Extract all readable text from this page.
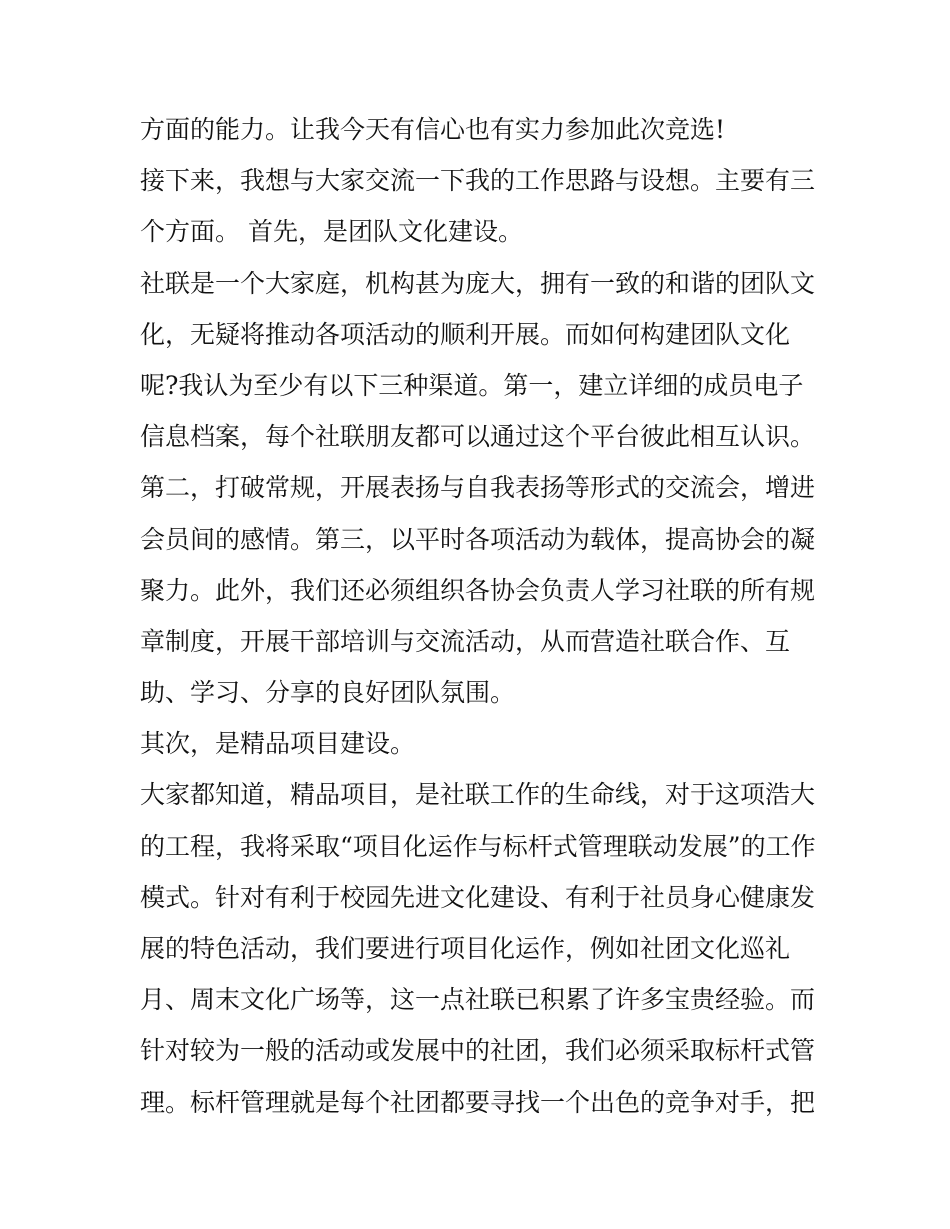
方面的能力。让我今天有信心也有实力参加此次竞选!
接下来，我想与大家交流一下我的工作思路与设想。主要有三
个方面。 首先，是团队文化建设。
社联是一个大家庭，机构甚为庞大，拥有一致的和谐的团队文
化，无疑将推动各项活动的顺利开展。而如何构建团队文化
呢?我认为至少有以下三种渠道。第一，建立详细的成员电子
信息档案，每个社联朋友都可以通过这个平台彼此相互认识。
第二，打破常规，开展表扬与自我表扬等形式的交流会，增进
会员间的感情。第三，以平时各项活动为载体，提高协会的凝
聚力。此外，我们还必须组织各协会负责人学习社联的所有规
章制度，开展干部培训与交流活动，从而营造社联合作、互
助、学习、分享的良好团队氛围。
其次，是精品项目建设。
大家都知道，精品项目，是社联工作的生命线，对于这项浩大
的工程，我将采取“项目化运作与标杆式管理联动发展”的工作
模式。针对有利于校园先进文化建设、有利于社员身心健康发
展的特色活动，我们要进行项目化运作，例如社团文化巡礼
月、周末文化广场等，这一点社联已积累了许多宝贵经验。而
针对较为一般的活动或发展中的社团，我们必须采取标杆式管
理。标杆管理就是每个社团都要寻找一个出色的竞争对手，把
